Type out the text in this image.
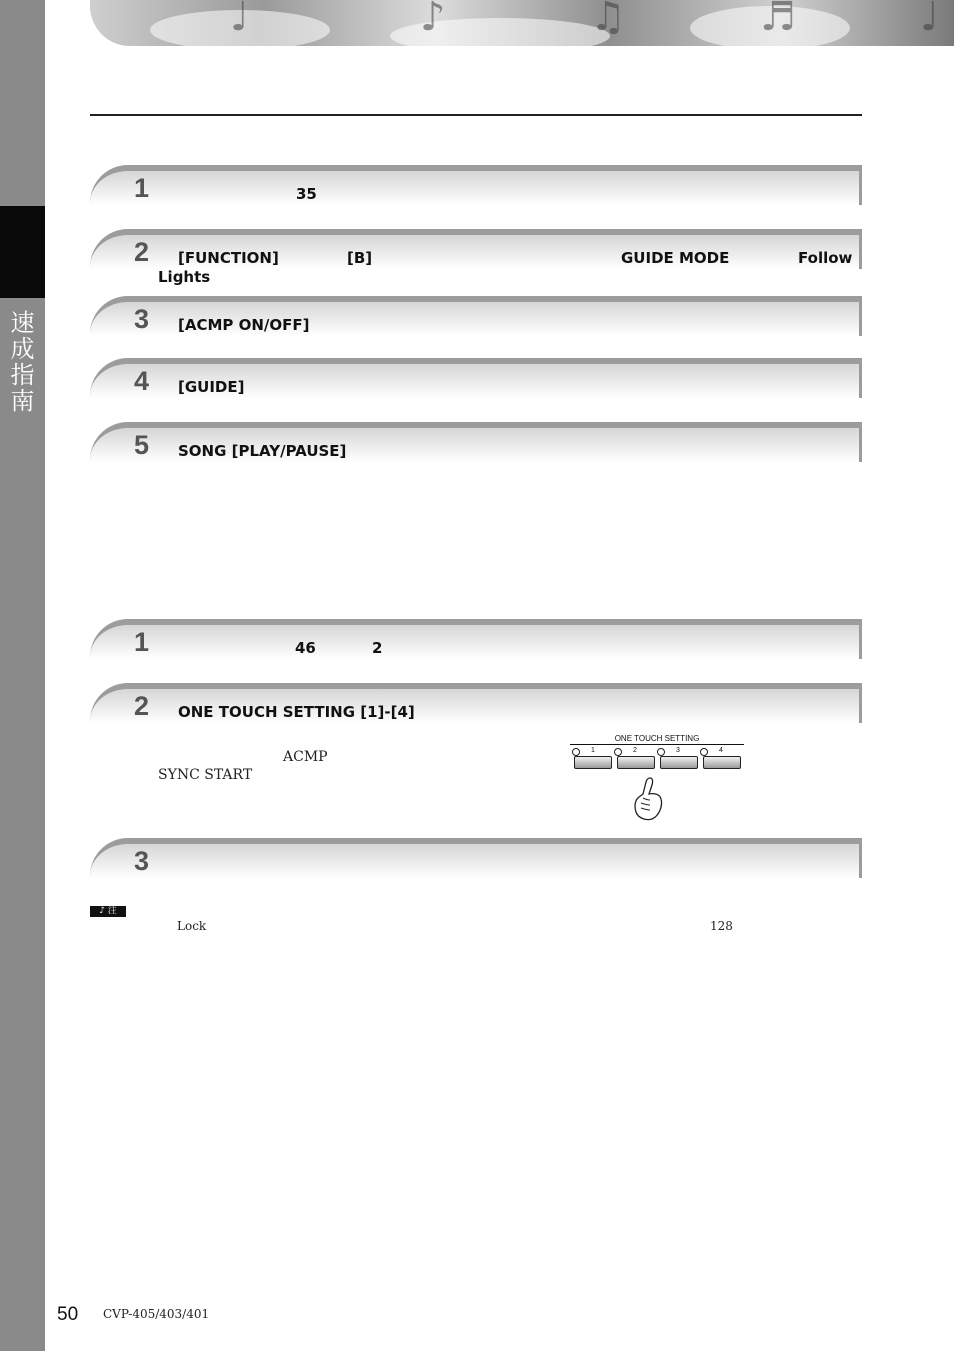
速成指南
♩	♪	♫	♬	♩
1	35
2 [FUNCTION]	[B]	GUIDE MODE	Follow
Lights
3 [ACMP ON/OFF]
4 [GUIDE]
5 SONG [PLAY/PAUSE]
1	46	2
2 ONE TOUCH SETTING [1]-[4]
ACMP
SYNC START
ONE TOUCH SETTING
1	2	3	4
3
♪ 注
Lock	128
50 CVP-405/403/401
